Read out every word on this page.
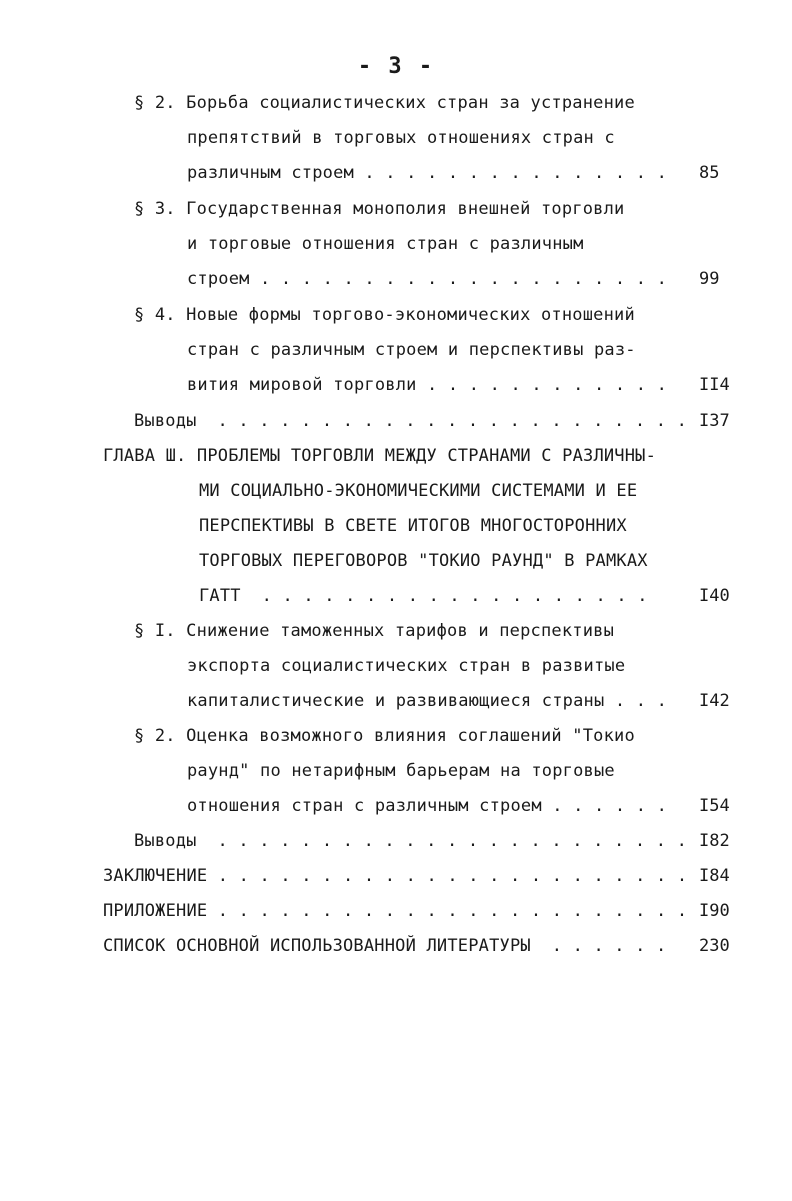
- 3 -
§ 2. Борьба социалистических стран за устранение
препятствий в торговых отношениях стран с
различным строем . . . . . . . . . . . . . . . 85
§ 3. Государственная монополия внешней торговли
и торговые отношения стран с различным
строем . . . . . . . . . . . . . . . . . . . . 99
§ 4. Новые формы торгово-экономических отношений
стран с различным строем и перспективы раз-
вития мировой торговли . . . . . . . . . . . . II4
Выводы  . . . . . . . . . . . . . . . . . . . . . . . I37
ГЛАВА Ш. ПРОБЛЕМЫ ТОРГОВЛИ МЕЖДУ СТРАНАМИ С РАЗЛИЧНЫ-
МИ СОЦИАЛЬНО-ЭКОНОМИЧЕСКИМИ СИСТЕМАМИ И ЕЕ
ПЕРСПЕКТИВЫ В СВЕТЕ ИТОГОВ МНОГОСТОРОННИХ
ТОРГОВЫХ ПЕРЕГОВОРОВ "ТОКИО РАУНД" В РАМКАХ
ГАТТ  . . . . . . . . . . . . . . . . . . .	I40
§ I. Снижение таможенных тарифов и перспективы
экспорта социалистических стран в развитые
капиталистические и развивающиеся страны . . . I42
§ 2. Оценка возможного влияния соглашений "Токио
раунд" по нетарифным барьерам на торговые
отношения стран с различным строем . . . . . . I54
Выводы  . . . . . . . . . . . . . . . . . . . . . . . I82
ЗАКЛЮЧЕНИЕ . . . . . . . . . . . . . . . . . . . . . . . I84
ПРИЛОЖЕНИЕ . . . . . . . . . . . . . . . . . . . . . . . I90
СПИСОК ОСНОВНОЙ ИСПОЛЬЗОВАННОЙ ЛИТЕРАТУРЫ  . . . . . . 230
